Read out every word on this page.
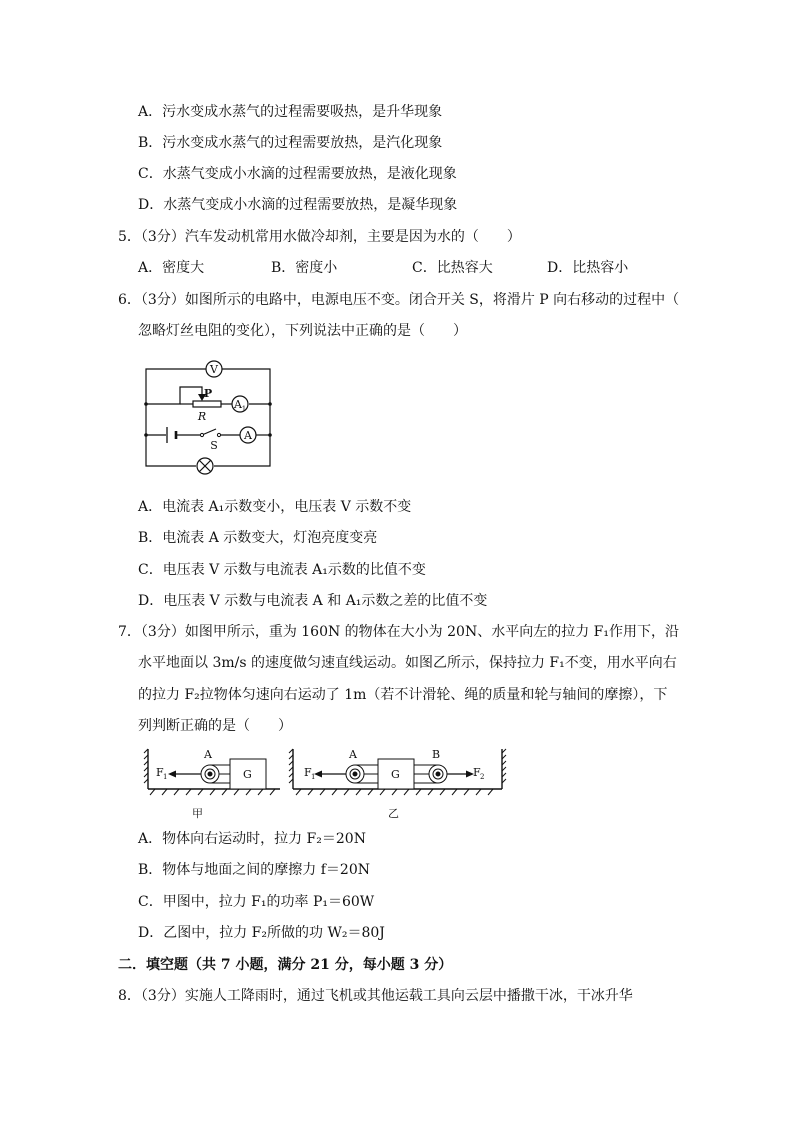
A．污水变成水蒸气的过程需要吸热，是升华现象
B．污水变成水蒸气的过程需要放热，是汽化现象
C．水蒸气变成小水滴的过程需要放热，是液化现象
D．水蒸气变成小水滴的过程需要放热，是凝华现象
5．（3分）汽车发动机常用水做冷却剂，主要是因为水的（　　）
A．密度大	B．密度小	C．比热容大	D．比热容小
6．（3分）如图所示的电路中，电源电压不变。闭合开关 S，将滑片 P 向右移动的过程中（
忽略灯丝电阻的变化），下列说法中正确的是（　　）
V
P
R
A 1
A
S
A．电流表 A₁示数变小，电压表 V 示数不变
B．电流表 A 示数变大，灯泡亮度变亮
C．电压表 V 示数与电流表 A₁示数的比值不变
D．电压表 V 示数与电流表 A 和 A₁示数之差的比值不变
7．（3分）如图甲所示，重为 160N 的物体在大小为 20N、水平向左的拉力 F₁作用下，沿
水平地面以 3m/s 的速度做匀速直线运动。如图乙所示，保持拉力 F₁不变，用水平向右
的拉力 F₂拉物体匀速向右运动了 1m（若不计滑轮、绳的质量和轮与轴间的摩擦），下
列判断正确的是（　　）
F 1
A
G
甲
F 1
A
G
B
F 2
乙
A．物体向右运动时，拉力 F₂＝20N
B．物体与地面之间的摩擦力 f＝20N
C．甲图中，拉力 F₁的功率 P₁＝60W
D．乙图中，拉力 F₂所做的功 W₂＝80J
二．填空题（共 7 小题，满分 21 分，每小题 3 分）
8．（3分）实施人工降雨时，通过飞机或其他运载工具向云层中播撒干冰，干冰升华
